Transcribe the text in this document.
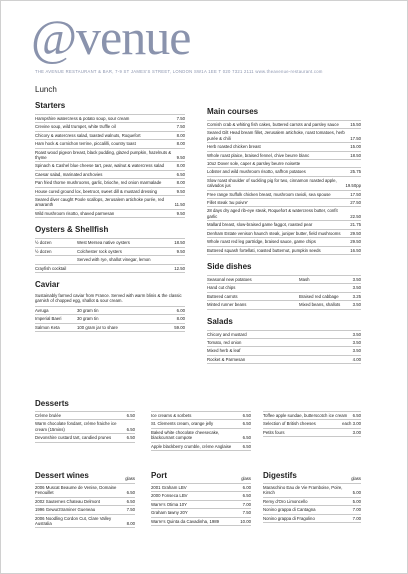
@venue
THE AVENUE RESTAURANT & BAR, 7-9 ST JAMES'S STREET, LONDON SW1A 1EE T 020 7321 2111 www.theavenue-restaurant.com
Lunch
Starters
Hampshire watercress & potato soup, sour cream	7.50
Crevine soup, wild trumpet, white truffle oil	7.50
Chicory & watercress salad, toasted walnuts, Roquefort	8.00
Ham hock & cornichon terrine, piccalilli, country toast	8.00
Roast wood pigeon breast, black pudding, glazed pumpkin, hazelnuts & thyme	9.50
Spinach & Cashel blue cheese tart, pear, walnut & watercress salad	8.00
Caesar salad, marinated anchovies	6.50
Pan fried thorne mushrooms, garlic, brioche, red onion marmalade	8.00
House cured ground lox, beetroot, sweet dill & mustard dressing	9.50
Seared diver caught Poole scallops, Jerusalem artichoke purée, red amaranth	11.50
Wild mushroom risotto, shaved parmesan	9.50
Oysters & Shellfish
½ dozen	West Mersea native oysters	18.50
½ dozen	Colchester rock oysters	9.50
Served with rye, shallot vinegar, lemon
Crayfish cocktail	12.50
Caviar
Sustainably farmed caviar from France. Served with warm blinis & the classic garnish of chopped egg, shallot & sour cream.
Avruga	30 gram tin	6.00
Imperial Baeri	30 gram tin	8.00
Salmon Keta	100 gram jar to share	59.00
Main courses
Cornish crab & whiting fish cakes, buttered carrots and parsley sauce	15.50
Seared Gilt Head bream fillet, Jerusalem artichoke, roast tomatoes, herb purée & chili	17.50
Herb roasted chicken breast	15.00
Whole roast plaice, braised fennel, chive beurre blanc	18.50
10oz Dover sole, caper & parsley beurre noisette
Lobster and wild mushroom risotto, saffron potatoes	25.75
Slow roast shoulder of suckling pig for two, cinnamon roasted apple, calvados jus	19.50pp
Free range Suffolk chicken breast, mushroom ravioli, sea spouse	17.50
Fillet steak 'au poivre'	27.50
28 days dry aged rib-eye steak, Roquefort & watercress butter, confit garlic	22.50
Mallard breast, slow-braised game faggot, roasted pear	21.75
Denham Estate venison haunch steak, juniper butter, field mushrooms	29.50
Whole roast red leg partridge, braised sauce, game chips	29.50
Buttered squash fortellati, roasted butternut, pumpkin seeds	16.50
Side dishes
Seasonal new potatoes	Mash	3.50
Hand cut chips	3.50
Buttered carrots	Braised red cabbage	3.25
Minted runner beans	Mixed beans, shallots	3.50
Salads
Chicory and mustard	3.50
Tomato, red onion	3.50
Mixed herb & leaf	3.50
Rocket & Parmesan	4.00
Desserts
Crème brulée	6.50
Warm chocolate fondant, crème fraiche ice cream (15mins)	6.50
Devonshire custard tart, candied prunes	6.50
Ice creams & sorbets	6.50
St. Clements cream, orange jelly	6.50
Baked white chocolate cheesecake, blackcurrant compote	6.50
Apple blackberry crumble, crème Anglaise	6.50
Toffee apple sundae, butterscotch ice cream	6.50
Selection of British cheeses	each 3.00
Petits fours	3.00
Dessert wines	glass
2006 Muscat Beaume de Venise, Domaine Fenouillet	6.50
2002 Sauternes Chateau Delmont	6.50
1996 Gewurztraminer Gueneau	7.50
2006 Noodling Cordon Cut, Clare Valley Australia	8.00
Port	glass
2001 Graham LBV	6.00
2000 Fonseca LBV	6.50
Warre's Otima 10Y	7.00
Graham tawny 20Y	7.50
Warre's Quinta da Cavadinha, 1989	10.00
Digestifs	glass
Maraschino Eau de Vie Framboise, Poire, Kirsch	5.00
Remy d'Oro Limoncello	5.00
Nonino grappa di Cantagna	7.00
Nonino grappa di Fragolino	7.00
